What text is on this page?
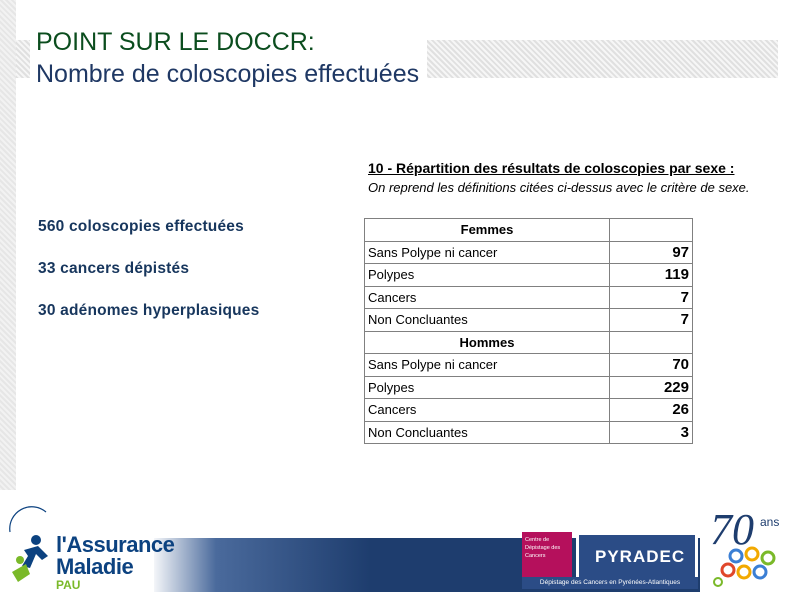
POINT SUR LE DOCCR:
Nombre de coloscopies effectuées
560 coloscopies effectuées
33 cancers dépistés
30 adénomes hyperplasiques
10 - Répartition des résultats de coloscopies par sexe :
On reprend les définitions citées ci-dessus avec le critère de sexe.
Femmes	
Sans Polype ni cancer	97
Polypes	119
Cancers	7
Non Concluantes	7
Hommes	
Sans Polype ni cancer	70
Polypes	229
Cancers	26
Non Concluantes	3
l'Assurance
Maladie
PAU
Centre de Dépistage des Cancers	PYRADEC
Dépistage des Cancers en Pyrénées-Atlantiques
70 ans
